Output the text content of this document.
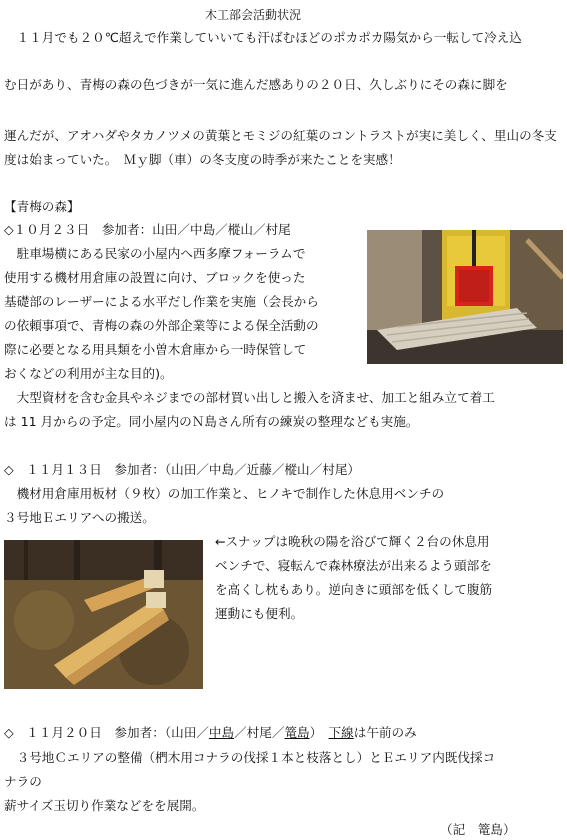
木工部会活動状況
　１１月でも２０℃超えで作業していいても汗ばむほどのポカポカ陽気から一転して冷え込
む日があり、青梅の森の色づきが一気に進んだ感ありの２０日、久しぶりにその森に脚を
運んだが、アオハダやタカノツメの黄葉とモミジの紅葉のコントラストが実に美しく、里山の冬支度は始まっていた。　Ｍｙ脚（車）の冬支度の時季が来たことを実感！
【青梅の森】
◇１０月２３日　参加者：山田／中島／樅山／村尾
　駐車場横にある民家の小屋内へ西多摩フォーラムで
使用する機材用倉庫の設置に向け、ブロックを使った
基礎部のレーザーによる水平だし作業を実施（会長から
の依頼事項で、青梅の森の外部企業等による保全活動の
際に必要となる用具類を小曽木倉庫から一時保管して
おくなどの利用が主な目的)。
　大型資材を含む金具やネジまでの部材買い出しと搬入を済ませ、加工と組み立て着工
は 11 月からの予定。同小屋内のＮ島さん所有の練炭の整理なども実施。
◇　１１月１３日　参加者：（山田／中島／近藤／樅山／村尾）
　機材用倉庫用板材（９枚）の加工作業と、ヒノキで制作した休息用ベンチの
３号地Ｅエリアへの搬送。
←スナップは晩秋の陽を浴びて輝く２台の休息用
ベンチで、寝転んで森林療法が出来るよう頭部を
を高くし枕もあり。逆向きに頭部を低くして腹筋
運動にも便利。
◇　１１月２０日　参加者：（山田／中島／村尾／篭島）　 下線は午前のみ
　３号地Ｃエリアの整備（椚木用コナラの伐採１本と枝落とし）とＥエリア内既伐採コ
ナラの
薪サイズ玉切り作業などをを展開。
（記　篭島）
